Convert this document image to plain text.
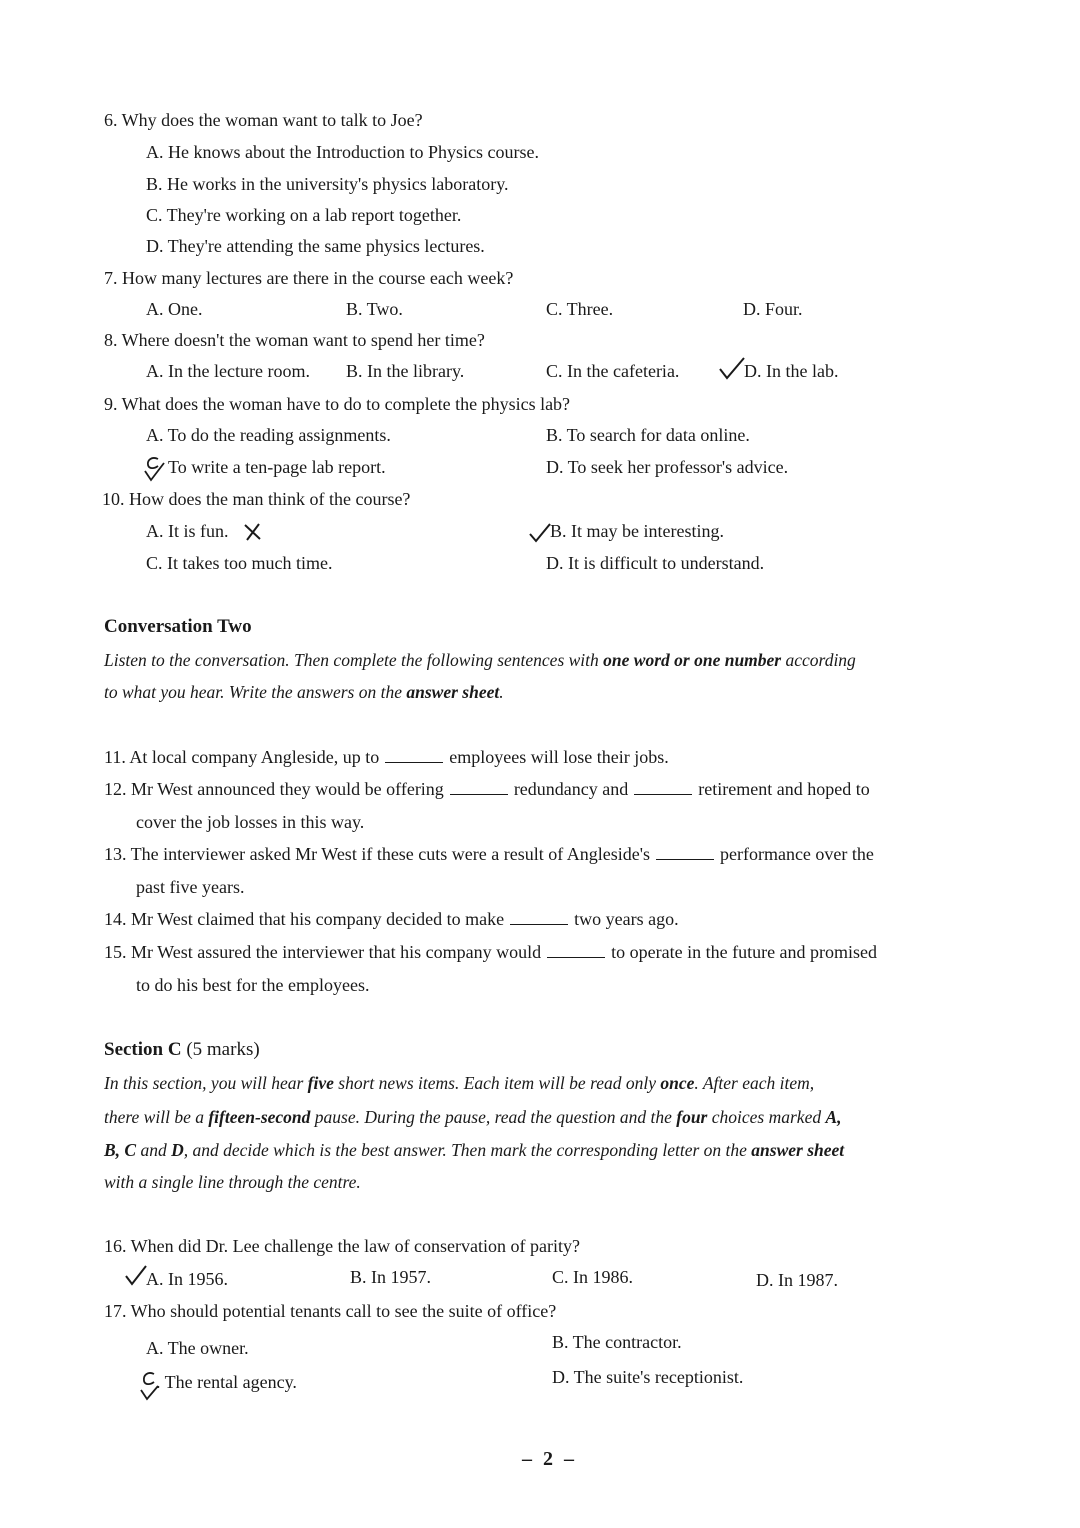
6. Why does the woman want to talk to Joe?
A. He knows about the Introduction to Physics course.
B. He works in the university's physics laboratory.
C. They're working on a lab report together.
D. They're attending the same physics lectures.
7. How many lectures are there in the course each week?
A. One.	B. Two.	C. Three.	D. Four.
8. Where doesn't the woman want to spend her time?
A. In the lecture room. B. In the library.	C. In the cafeteria.	D. In the lab.
9. What does the woman have to do to complete the physics lab?
A. To do the reading assignments.	B. To search for data online.
To write a ten-page lab report.	D. To seek her professor's advice.
10. How does the man think of the course?
A. It is fun.	B. It may be interesting.
C. It takes too much time.	D. It is difficult to understand.
Conversation Two
Listen to the conversation. Then complete the following sentences with one word or one number according
to what you hear. Write the answers on the answer sheet.
11. At local company Angleside, up to	employees will lose their jobs.
12. Mr West announced they would be offering	redundancy and	retirement and hoped to
cover the job losses in this way.
13. The interviewer asked Mr West if these cuts were a result of Angleside's	performance over the
past five years.
14. Mr West claimed that his company decided to make	two years ago.
15. Mr West assured the interviewer that his company would	to operate in the future and promised
to do his best for the employees.
Section C (5 marks)
In this section, you will hear five short news items. Each item will be read only once. After each item,
there will be a fifteen-second pause. During the pause, read the question and the four choices marked A,
B, C and D, and decide which is the best answer. Then mark the corresponding letter on the answer sheet
with a single line through the centre.
16. When did Dr. Lee challenge the law of conservation of parity?
A. In 1956.	B. In 1957.	C. In 1986.	D. In 1987.
17. Who should potential tenants call to see the suite of office?
A. The owner.	B. The contractor.
. The rental agency.	D. The suite's receptionist.
– 2 –
